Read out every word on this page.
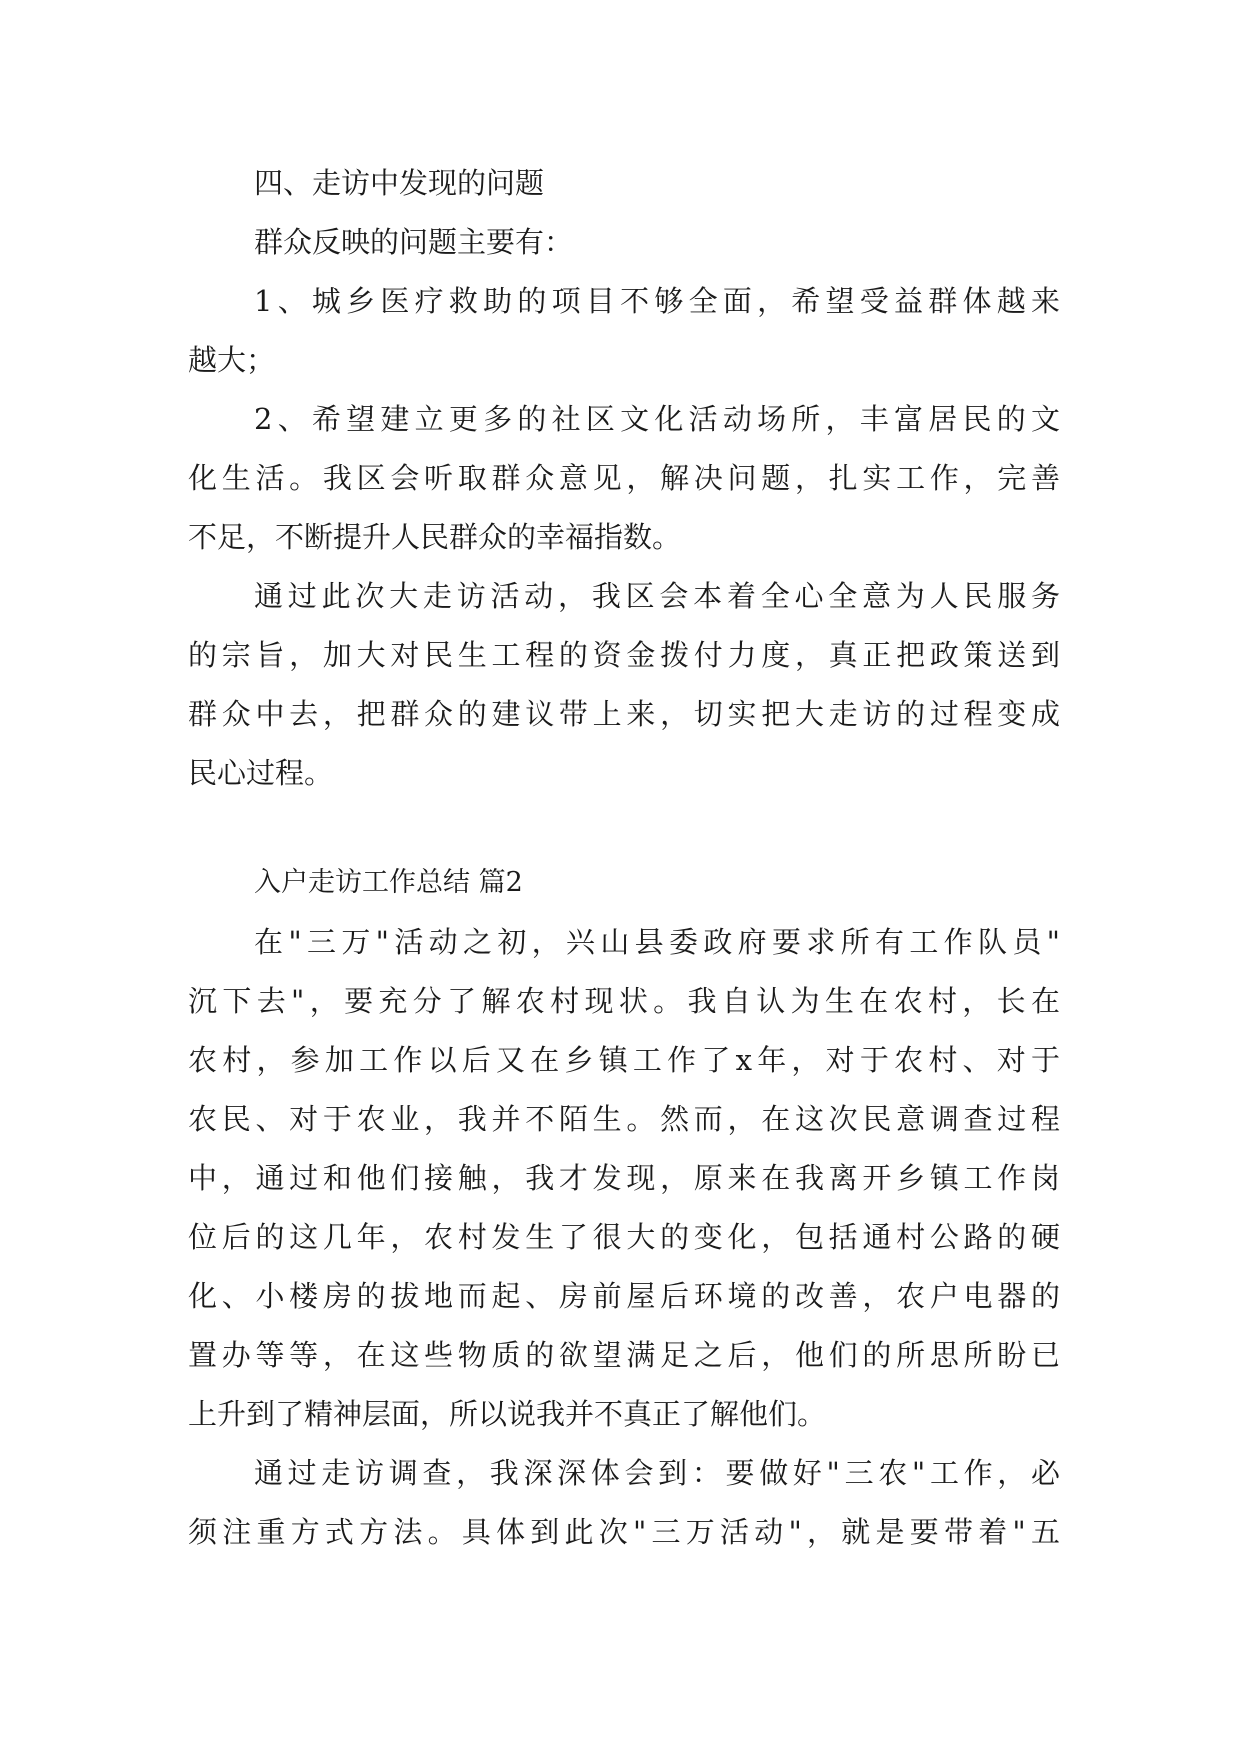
四、走访中发现的问题
群众反映的问题主要有：
1、城乡医疗救助的项目不够全面，希望受益群体越来
越大；
2、希望建立更多的社区文化活动场所，丰富居民的文
化生活。我区会听取群众意见，解决问题，扎实工作，完善
不足，不断提升人民群众的幸福指数。
通过此次大走访活动，我区会本着全心全意为人民服务
的宗旨，加大对民生工程的资金拨付力度，真正把政策送到
群众中去，把群众的建议带上来，切实把大走访的过程变成
民心过程。
入户走访工作总结 篇2
在"三万"活动之初，兴山县委政府要求所有工作队员"
沉下去"，要充分了解农村现状。我自认为生在农村，长在
农村，参加工作以后又在乡镇工作了x年，对于农村、对于
农民、对于农业，我并不陌生。然而，在这次民意调查过程
中，通过和他们接触，我才发现，原来在我离开乡镇工作岗
位后的这几年，农村发生了很大的变化，包括通村公路的硬
化、小楼房的拔地而起、房前屋后环境的改善，农户电器的
置办等等，在这些物质的欲望满足之后，他们的所思所盼已
上升到了精神层面，所以说我并不真正了解他们。
通过走访调查，我深深体会到：要做好"三农"工作，必
须注重方式方法。具体到此次"三万活动"，就是要带着"五
